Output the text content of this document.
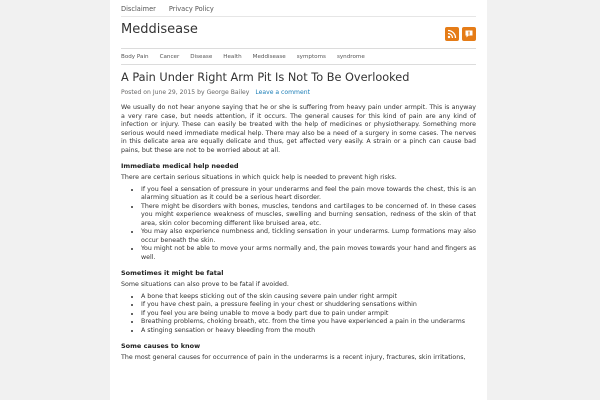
Disclaimer Privacy Policy
Meddisease
Body Pain Cancer Disease Health Meddisease symptoms syndrome
A Pain Under Right Arm Pit Is Not To Be Overlooked
Posted on June 29, 2015 by George Bailey Leave a comment

We usually do not hear anyone saying that he or she is suffering from heavy pain under armpit. This is anyway a very rare case, but needs attention, if it occurs. The general causes for this kind of pain are any kind of infection or injury. These can easily be treated with the help of medicines or physiotherapy. Something more serious would need immediate medical help. There may also be a need of a surgery in some cases. The nerves in this delicate area are equally delicate and thus, get affected very easily. A strain or a pinch can cause bad pains, but these are not to be worried about at all.

Immediate medical help needed

There are certain serious situations in which quick help is needed to prevent high risks.

• If you feel a sensation of pressure in your underarms and feel the pain move towards the chest, this is an alarming situation as it could be a serious heart disorder.
• There might be disorders with bones, muscles, tendons and cartilages to be concerned of. In these cases you might experience weakness of muscles, swelling and burning sensation, redness of the skin of that area, skin color becoming different like bruised area, etc.
• You may also experience numbness and, tickling sensation in your underarms. Lump formations may also occur beneath the skin.
• You might not be able to move your arms normally and, the pain moves towards your hand and fingers as well.
Sometimes it might be fatal

Some situations can also prove to be fatal if avoided.

• A bone that keeps sticking out of the skin causing severe pain under right armpit
• If you have chest pain, a pressure feeling in your chest or shuddering sensations within
• If you feel you are being unable to move a body part due to pain under armpit
• Breathing problems, choking breath, etc. from the time you have experienced a pain in the underarms
• A stinging sensation or heavy bleeding from the mouth
Some causes to know

The most general causes for occurrence of pain in the underarms is a recent injury, fractures, skin irritations,
